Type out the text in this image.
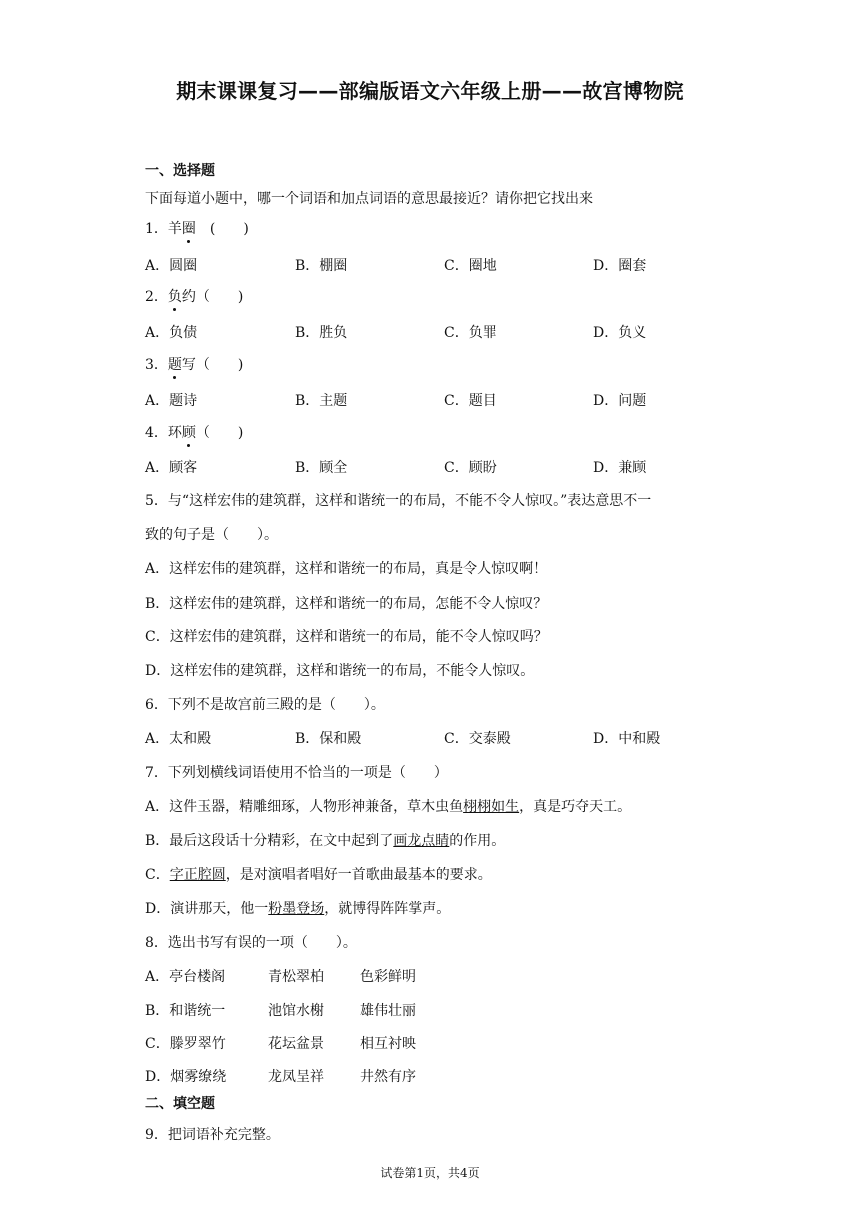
期末课课复习——部编版语文六年级上册——故宫博物院
一、选择题
下面每道小题中，哪一个词语和加点词语的意思最接近？请你把它找出来
1．羊圈　(　　)
A．圆圈	B．棚圈	C．圈地	D．圈套
2．负约（　　)
A．负债	B．胜负	C．负罪	D．负义
3．题写（　　)
A．题诗	B．主题	C．题目	D．问题
4．环顾（　　)
A．顾客	B．顾全	C．顾盼	D．兼顾
5．与“这样宏伟的建筑群，这样和谐统一的布局，不能不令人惊叹。”表达意思不一
致的句子是（　　）。
A．这样宏伟的建筑群，这样和谐统一的布局，真是令人惊叹啊！
B．这样宏伟的建筑群，这样和谐统一的布局，怎能不令人惊叹？
C．这样宏伟的建筑群，这样和谐统一的布局，能不令人惊叹吗？
D．这样宏伟的建筑群，这样和谐统一的布局，不能令人惊叹。
6．下列不是故宫前三殿的是（　　）。
A．太和殿	B．保和殿	C．交泰殿	D．中和殿
7．下列划横线词语使用不恰当的一项是（　　）
A．这件玉器，精雕细琢，人物形神兼备，草木虫鱼栩栩如生，真是巧夺天工。
B．最后这段话十分精彩，在文中起到了画龙点睛的作用。
C．字正腔圆，是对演唱者唱好一首歌曲最基本的要求。
D．演讲那天，他一粉墨登场，就博得阵阵掌声。
8．选出书写有误的一项（　　）。
A．亭台楼阁	青松翠柏	色彩鲜明
B．和谐统一	池馆水榭	雄伟壮丽
C．滕罗翠竹	花坛盆景	相互衬映
D．烟雾缭绕	龙凤呈祥	井然有序
二、填空题
9．把词语补充完整。
试卷第1页，共4页
